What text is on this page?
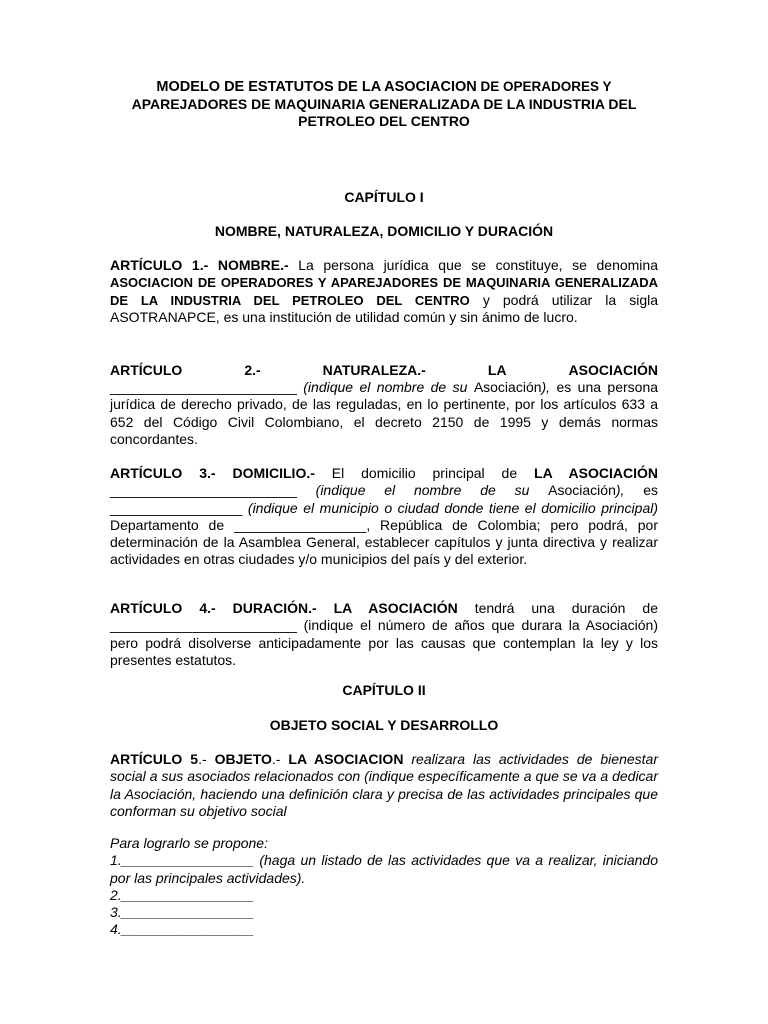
MODELO DE ESTATUTOS DE LA ASOCIACION DE OPERADORES Y

APAREJADORES DE MAQUINARIA GENERALIZADA DE LA INDUSTRIA DEL

PETROLEO DEL CENTRO

CAPÍTULO I

NOMBRE, NATURALEZA, DOMICILIO Y DURACIÓN

ARTÍCULO 1.- NOMBRE.- La persona jurídica que se constituye, se denomina ASOCIACION DE OPERADORES Y APAREJADORES DE MAQUINARIA GENERALIZADA DE LA INDUSTRIA DEL PETROLEO DEL CENTRO y podrá utilizar la sigla ASOTRANAPCE, es una institución de utilidad común y sin ánimo de lucro.

ARTÍCULO	2.-	NATURALEZA.-	LA	ASOCIACIÓN

________________________ (indique el nombre de su Asociación), es una persona jurídica de derecho privado, de las reguladas, en lo pertinente, por los artículos 633 a 652 del Código Civil Colombiano, el decreto 2150 de 1995 y demás normas concordantes.

ARTÍCULO 3.- DOMICILIO.- El domicilio principal de LA ASOCIACIÓN ________________________ (indique el nombre de su Asociación), es _________________ (indique el municipio o ciudad donde tiene el domicilio principal) Departamento de _________________, República de Colombia; pero podrá, por determinación de la Asamblea General, establecer capítulos y junta directiva y realizar actividades en otras ciudades y/o municipios del país y del exterior.

ARTÍCULO 4.- DURACIÓN.- LA ASOCIACIÓN tendrá una duración de ________________________ (indique el número de años que durara la Asociación) pero podrá disolverse anticipadamente por las causas que contemplan la ley y los presentes estatutos.

CAPÍTULO II

OBJETO SOCIAL Y DESARROLLO

ARTÍCULO 5.- OBJETO.- LA ASOCIACION realizara las actividades de bienestar social a sus asociados relacionados con (indique específicamente a que se va a dedicar la Asociación, haciendo una definición clara y precisa de las actividades principales que conforman su objetivo social

Para lograrlo se propone:

1._________________ (haga un listado de las actividades que va a realizar, iniciando por las principales actividades).

2._________________

3._________________

4._________________
